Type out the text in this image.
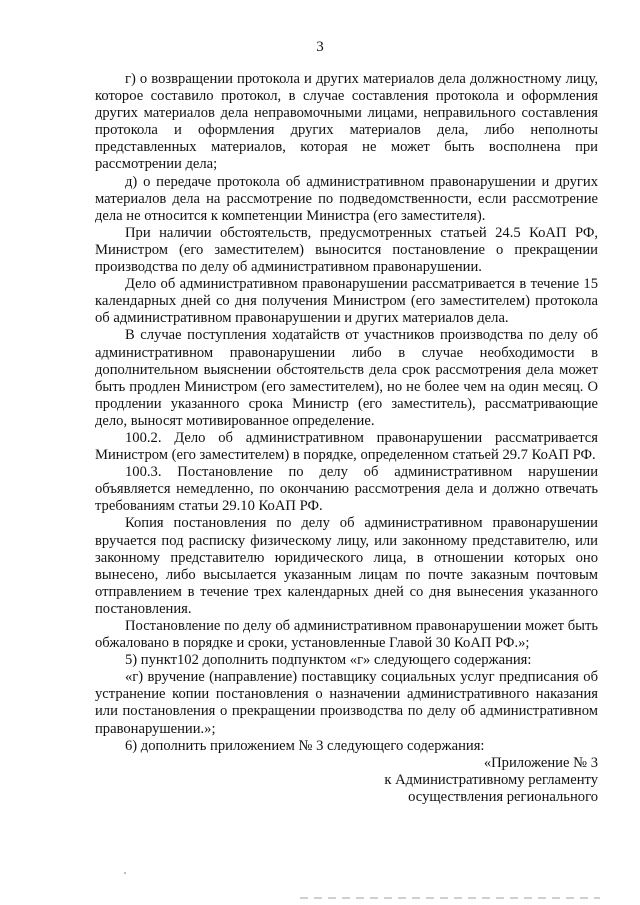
3

г) о возвращении протокола и других материалов дела должностному лицу, которое составило протокол, в случае составления протокола и оформления других материалов дела неправомочными лицами, неправильного составления протокола и оформления других материалов дела, либо неполноты представленных материалов, которая не может быть восполнена при рассмотрении дела;

д) о передаче протокола об административном правонарушении и других материалов дела на рассмотрение по подведомственности, если рассмотрение дела не относится к компетенции Министра (его заместителя).

При наличии обстоятельств, предусмотренных статьей 24.5 КоАП РФ, Министром (его заместителем) выносится постановление о прекращении производства по делу об административном правонарушении.

Дело об административном правонарушении рассматривается в течение 15 календарных дней со дня получения Министром (его заместителем) протокола об административном правонарушении и других материалов дела.

В случае поступления ходатайств от участников производства по делу об административном правонарушении либо в случае необходимости в дополнительном выяснении обстоятельств дела срок рассмотрения дела может быть продлен Министром (его заместителем), но не более чем на один месяц. О продлении указанного срока Министр (его заместитель), рассматривающие дело, выносят мотивированное определение.

100.2. Дело об административном правонарушении рассматривается Министром (его заместителем) в порядке, определенном статьей 29.7 КоАП РФ.

100.3. Постановление по делу об административном нарушении объявляется немедленно, по окончанию рассмотрения дела и должно отвечать требованиям статьи 29.10 КоАП РФ.

Копия постановления по делу об административном правонарушении вручается под расписку физическому лицу, или законному представителю, или законному представителю юридического лица, в отношении которых оно вынесено, либо высылается указанным лицам по почте заказным почтовым отправлением в течение трех календарных дней со дня вынесения указанного постановления.

Постановление по делу об административном правонарушении может быть обжаловано в порядке и сроки, установленные Главой 30 КоАП РФ.»;

5) пункт102 дополнить подпунктом «г» следующего содержания:

«г) вручение (направление) поставщику социальных услуг предписания об устранение копии постановления о назначении административного наказания или постановления о прекращении производства по делу об административном правонарушении.»;

6) дополнить приложением № 3 следующего содержания:

«Приложение № 3
к Административному регламенту
осуществления регионального
